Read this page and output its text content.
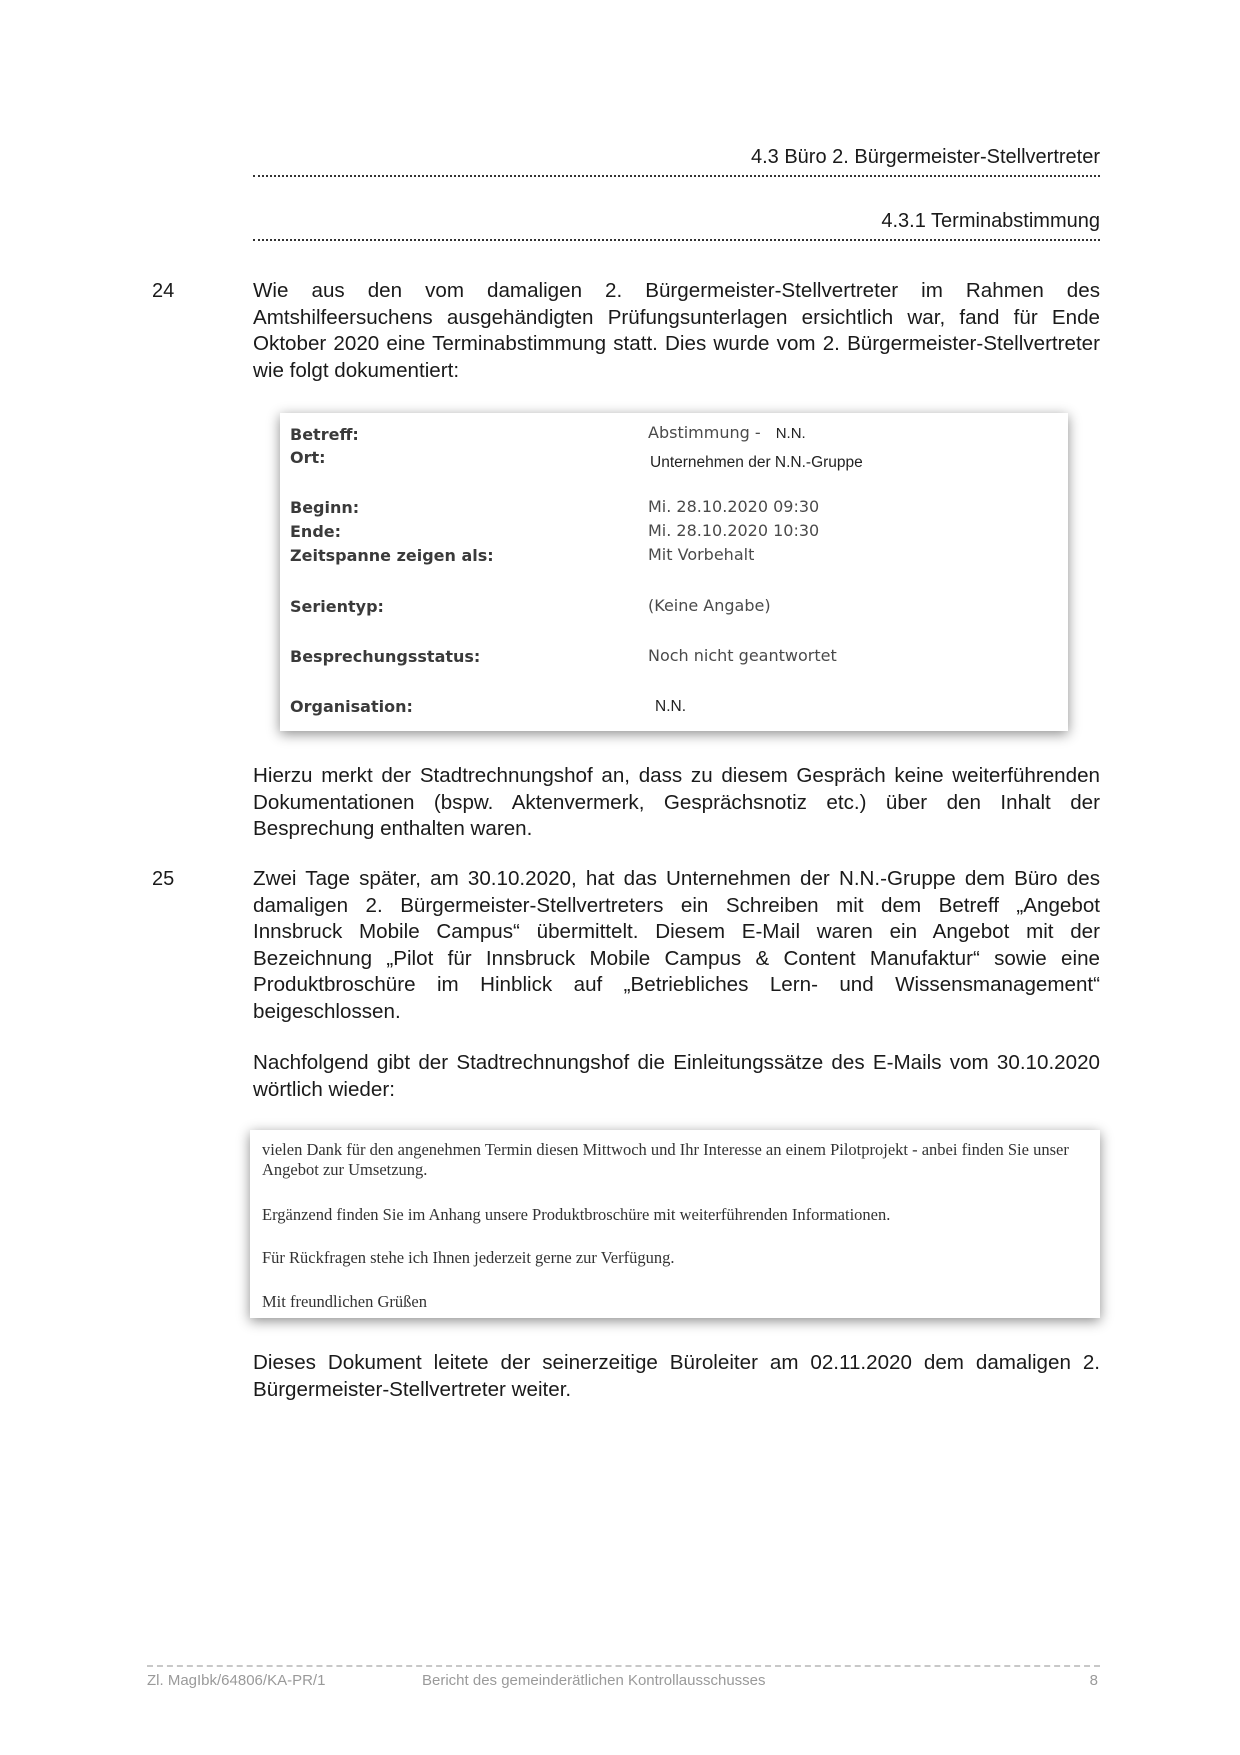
4.3 Büro 2. Bürgermeister-Stellvertreter
4.3.1 Terminabstimmung
24	Wie aus den vom damaligen 2. Bürgermeister-Stellvertreter im Rahmen des Amtshilfeersuchens ausgehändigten Prüfungsunterlagen ersichtlich war, fand für Ende Oktober 2020 eine Terminabstimmung statt. Dies wurde vom 2. Bürgermeister-Stellvertreter wie folgt dokumentiert:

Betreff:	Abstimmung - N.N.
Ort:	Unternehmen der N.N.-Gruppe
Beginn:	Mi. 28.10.2020 09:30
Ende:	Mi. 28.10.2020 10:30
Zeitspanne zeigen als:	Mit Vorbehalt
Serientyp:	(Keine Angabe)
Besprechungsstatus:	Noch nicht geantwortet
Organisation:	N.N.

Hierzu merkt der Stadtrechnungshof an, dass zu diesem Gespräch keine weiterführenden Dokumentationen (bspw. Aktenvermerk, Gesprächsnotiz etc.) über den Inhalt der Besprechung enthalten waren.

25	Zwei Tage später, am 30.10.2020, hat das Unternehmen der N.N.-Gruppe dem Büro des damaligen 2. Bürgermeister-Stellvertreters ein Schreiben mit dem Betreff „Angebot Innsbruck Mobile Campus“ übermittelt. Diesem E-Mail waren ein Angebot mit der Bezeichnung „Pilot für Innsbruck Mobile Campus & Content Manufaktur“ sowie eine Produktbroschüre im Hinblick auf „Betriebliches Lern- und Wissensmanagement“ beigeschlossen.

Nachfolgend gibt der Stadtrechnungshof die Einleitungssätze des E-Mails vom 30.10.2020 wörtlich wieder:

vielen Dank für den angenehmen Termin diesen Mittwoch und Ihr Interesse an einem Pilotprojekt - anbei finden Sie unser Angebot zur Umsetzung.
Ergänzend finden Sie im Anhang unsere Produktbroschüre mit weiterführenden Informationen.
Für Rückfragen stehe ich Ihnen jederzeit gerne zur Verfügung.
Mit freundlichen Grüßen

Dieses Dokument leitete der seinerzeitige Büroleiter am 02.11.2020 dem damaligen 2. Bürgermeister-Stellvertreter weiter.

Zl. MagIbk/64806/KA-PR/1	Bericht des gemeinderätlichen Kontrollausschusses	8
